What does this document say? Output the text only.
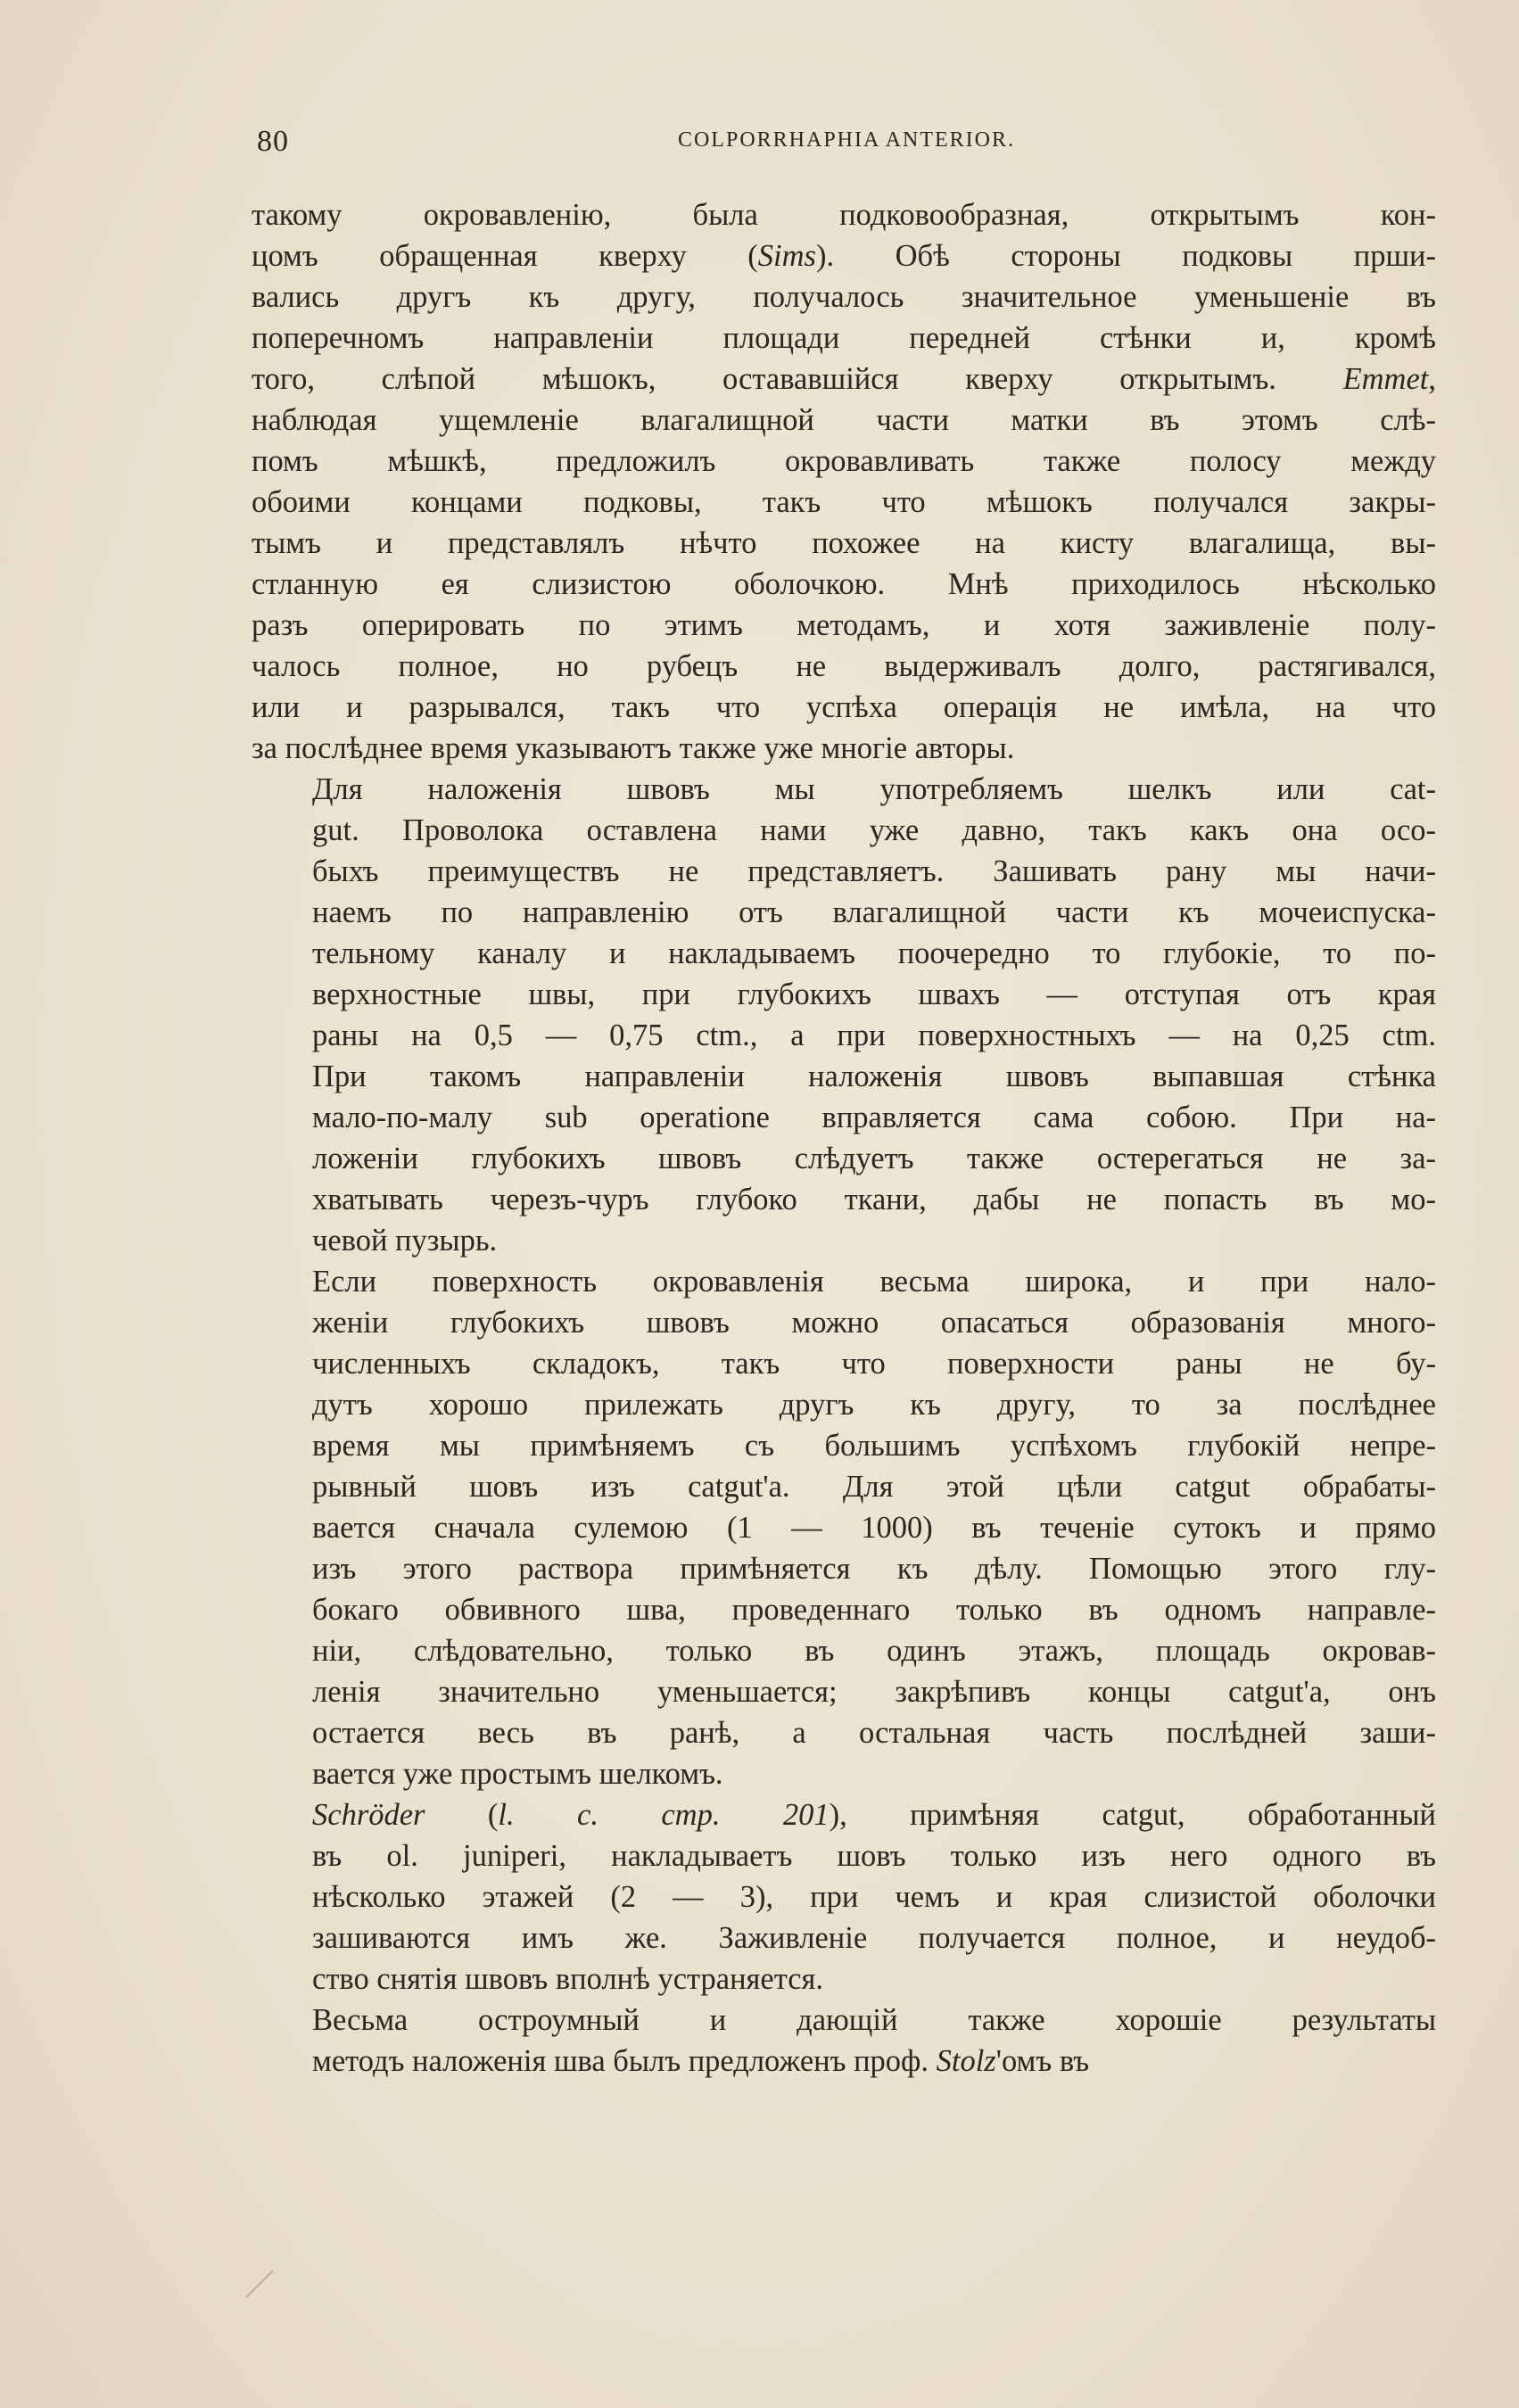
80	COLPORRHAPHIA ANTERIOR.
такому окровавленію, была подковообразная, открытымъ кон-
цомъ обращенная кверху (Sims). Обѣ стороны подковы прши-
вались другъ къ другу, получалось значительное уменьшеніе въ
поперечномъ направленіи площади передней стѣнки и, кромѣ
того, слѣпой мѣшокъ, остававшійся кверху открытымъ. Emmet,
наблюдая ущемленіе влагалищной части матки въ этомъ слѣ-
помъ мѣшкѣ, предложилъ окровавливать также полосу между
обоими концами подковы, такъ что мѣшокъ получался закры-
тымъ и представлялъ нѣчто похожее на кисту влагалища, вы-
стланную ея слизистою оболочкою. Мнѣ приходилось нѣсколько
разъ оперировать по этимъ методамъ, и хотя заживленіе полу-
чалось полное, но рубецъ не выдерживалъ долго, растягивался,
или и разрывался, такъ что успѣха операція не имѣла, на что
за послѣднее время указываютъ также уже многіе авторы.
Для наложенія швовъ мы употребляемъ шелкъ или cat-
gut. Проволока оставлена нами уже давно, такъ какъ она осо-
быхъ преимуществъ не представляетъ. Зашивать рану мы начи-
наемъ по направленію отъ влагалищной части къ мочеиспуска-
тельному каналу и накладываемъ поочередно то глубокіе, то по-
верхностные швы, при глубокихъ швахъ — отступая отъ края
раны на 0,5 — 0,75 ctm., а при поверхностныхъ — на 0,25 ctm.
При такомъ направленіи наложенія швовъ выпавшая стѣнка
мало-по-малу sub operatione вправляется сама собою. При на-
ложеніи глубокихъ швовъ слѣдуетъ также остерегаться не за-
хватывать черезъ-чуръ глубоко ткани, дабы не попасть въ мо-
чевой пузырь.
Если поверхность окровавленія весьма широка, и при нало-
женіи глубокихъ швовъ можно опасаться образованія много-
численныхъ складокъ, такъ что поверхности раны не бу-
дутъ хорошо прилежать другъ къ другу, то за послѣднее
время мы примѣняемъ съ большимъ успѣхомъ глубокій непре-
рывный шовъ изъ catgut'а. Для этой цѣли catgut обрабаты-
вается сначала сулемою (1 — 1000) въ теченіе сутокъ и прямо
изъ этого раствора примѣняется къ дѣлу. Помощью этого глу-
бокаго обвивного шва, проведеннаго только въ одномъ направле-
ніи, слѣдовательно, только въ одинъ этажъ, площадь окровав-
ленія значительно уменьшается; закрѣпивъ концы catgut'а, онъ
остается весь въ ранѣ, а остальная часть послѣдней заши-
вается уже простымъ шелкомъ.
Schröder (l. c. стр. 201), примѣняя catgut, обработанный
въ ol. juniperi, накладываетъ шовъ только изъ него одного въ
нѣсколько этажей (2 — 3), при чемъ и края слизистой оболочки
зашиваются имъ же. Заживленіе получается полное, и неудоб-
ство снятія швовъ вполнѣ устраняется.
Весьма остроумный и дающій также хорошіе результаты
методъ наложенія шва былъ предложенъ проф. Stolz'омъ въ
